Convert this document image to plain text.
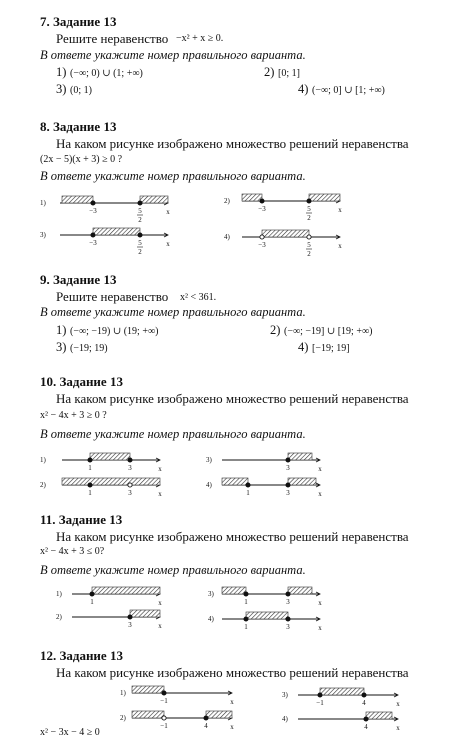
7. Задание 13
Решите неравенство −x² + x ≥ 0.
В ответе укажите номер правильного варианта.
1) (−∞; 0) ∪ (1; +∞)	2) [0; 1]
3) (0; 1)	4) (−∞; 0] ∪ [1; +∞)
8. Задание 13
На каком рисунке изображено множество решений неравенства
(2x − 5)(x + 3) ≥ 0 ?
В ответе укажите номер правильного варианта.
9. Задание 13
Решите неравенство x² < 361.
В ответе укажите номер правильного варианта.
1) (−∞; −19) ∪ (19; +∞)	2) (−∞; −19] ∪ [19; +∞)
3) (−19; 19)	4) [−19; 19]
10. Задание 13
На каком рисунке изображено множество решений неравенства
x² − 4x + 3 ≥ 0 ?
В ответе укажите номер правильного варианта.
11. Задание 13
На каком рисунке изображено множество решений неравенства
x² − 4x + 3 ≤ 0?
В ответе укажите номер правильного варианта.
12. Задание 13
На каком рисунке изображено множество решений неравенства
x² − 3x − 4 ≥ 0
1)
x
−3	5
2
2)
x
−3	5
2
3)
x
−3	5
2
4)
x
−3	5
2
1)
x
1	3
2)
x
1	3
3)
x
3
4)
x
1	3
1)
x
1
2)
x
3
3)
x
1	3
4)
x
1	3
1)
x
−1
2)
x
−1	4
3)
x
−1	4
4)
x
4
